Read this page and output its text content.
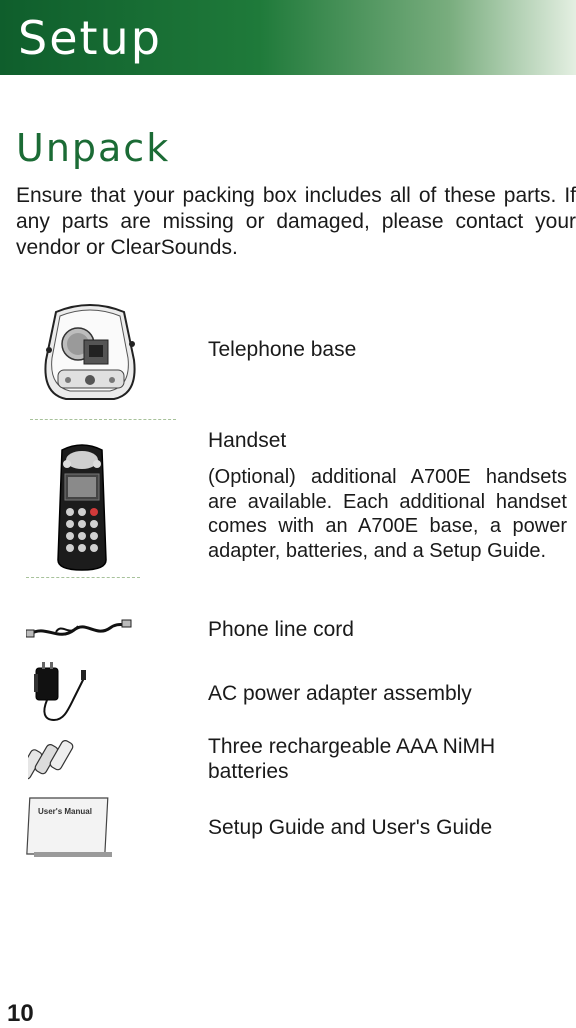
Setup
Unpack
Ensure that your packing box includes all of these parts. If any parts are missing or damaged, please contact your vendor or ClearSounds.
Telephone base
Handset
(Optional) additional A700E handsets are available. Each additional handset comes with an A700E base, a power adapter, batteries, and a Setup Guide.
Phone line cord
AC power adapter assembly
Three rechargeable AAA NiMH batteries
User's Manual
Setup Guide and User's Guide
10
